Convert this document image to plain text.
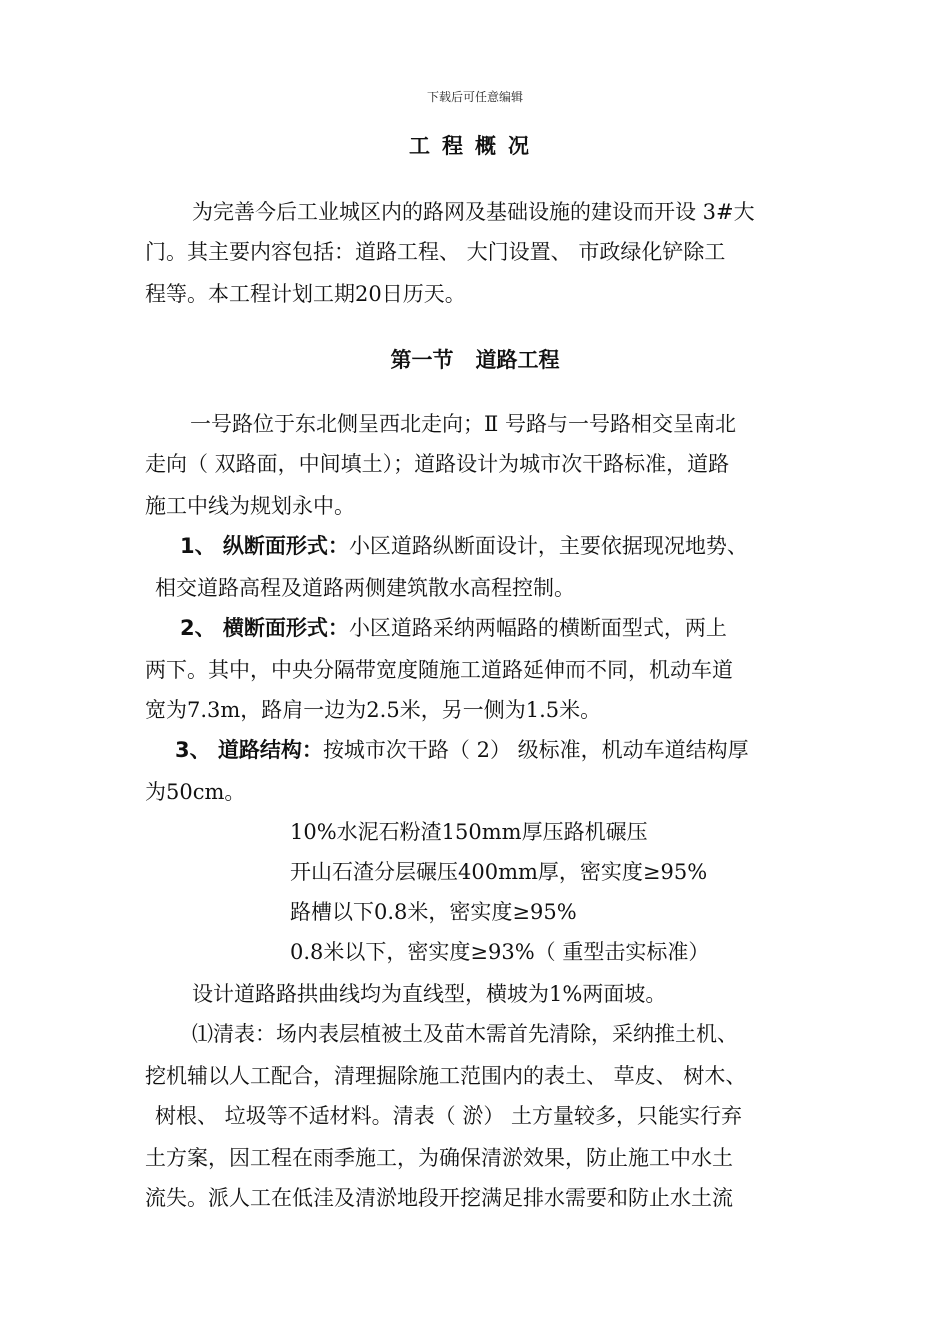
下载后可任意编辑
工程概况
为完善今后工业城区内的路网及基础设施的建设而开设 3#大
门。其主要内容包括：道路工程、 大门设置、 市政绿化铲除工
程等。本工程计划工期20日历天。
第一节   道路工程
一号路位于东北侧呈西北走向；Ⅱ 号路与一号路相交呈南北
走向（ 双路面，中间填土）；道路设计为城市次干路标准，道路
施工中线为规划永中。
1、 纵断面形式：小区道路纵断面设计，主要依据现况地势、
相交道路高程及道路两侧建筑散水高程控制。
2、 横断面形式：小区道路采纳两幅路的横断面型式，两上
两下。其中，中央分隔带宽度随施工道路延伸而不同，机动车道
宽为7.3m，路肩一边为2.5米，另一侧为1.5米。
3、 道路结构：按城市次干路（ 2） 级标准，机动车道结构厚
为50cm。
10%水泥石粉渣150mm厚压路机碾压
开山石渣分层碾压400mm厚，密实度≥95%
路槽以下0.8米，密实度≥95%
0.8米以下，密实度≥93%（ 重型击实标准）
设计道路路拱曲线均为直线型，横坡为1%两面坡。
⑴清表：场内表层植被土及苗木需首先清除，采纳推土机、
挖机辅以人工配合，清理掘除施工范围内的表土、 草皮、 树木、
树根、 垃圾等不适材料。清表（ 淤） 土方量较多，只能实行弃
土方案，因工程在雨季施工，为确保清淤效果，防止施工中水土
流失。派人工在低洼及清淤地段开挖满足排水需要和防止水土流
